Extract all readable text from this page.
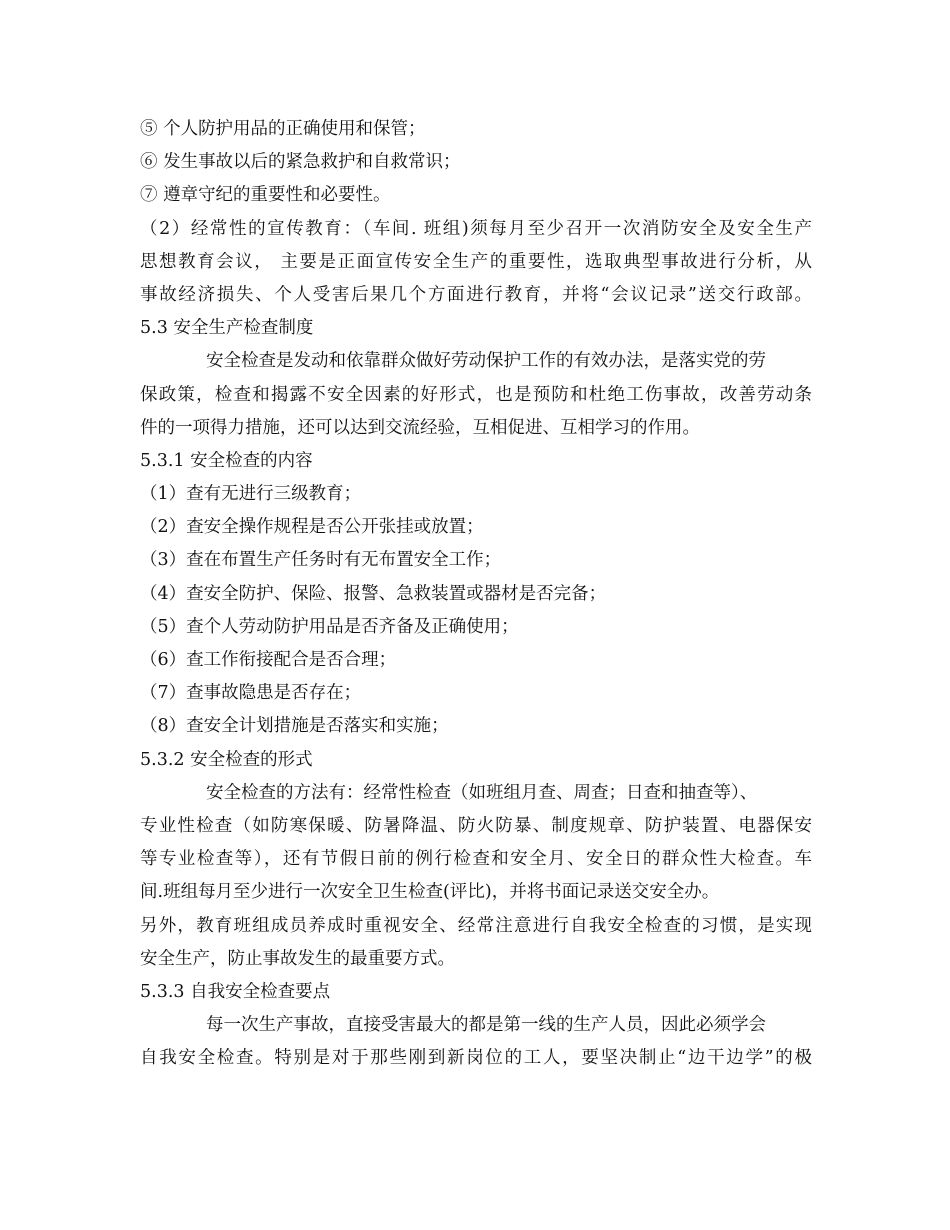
⑤ 个人防护用品的正确使用和保管；
⑥ 发生事故以后的紧急救护和自救常识；
⑦ 遵章守纪的重要性和必要性。
（2）经常性的宣传教育：（车间. 班组)须每月至少召开一次消防安全及安全生产
思想教育会议， 主要是正面宣传安全生产的重要性，选取典型事故进行分析，从
事故经济损失、个人受害后果几个方面进行教育，并将“会议记录”送交行政部。
5.3 安全生产检查制度
安全检查是发动和依靠群众做好劳动保护工作的有效办法，是落实党的劳
保政策，检查和揭露不安全因素的好形式，也是预防和杜绝工伤事故，改善劳动条
件的一项得力措施，还可以达到交流经验，互相促进、互相学习的作用。
5.3.1 安全检查的内容
（1）查有无进行三级教育；
（2）查安全操作规程是否公开张挂或放置；
（3）查在布置生产任务时有无布置安全工作；
（4）查安全防护、保险、报警、急救装置或器材是否完备；
（5）查个人劳动防护用品是否齐备及正确使用；
（6）查工作衔接配合是否合理；
（7）查事故隐患是否存在；
（8）查安全计划措施是否落实和实施；
5.3.2 安全检查的形式
安全检查的方法有：经常性检查（如班组月查、周查；日查和抽查等）、
专业性检查（如防寒保暖、防暑降温、防火防暴、制度规章、防护装置、电器保安
等专业检查等），还有节假日前的例行检查和安全月、安全日的群众性大检查。车
间.班组每月至少进行一次安全卫生检查(评比)，并将书面记录送交安全办。
另外，教育班组成员养成时重视安全、经常注意进行自我安全检查的习惯，是实现
安全生产，防止事故发生的最重要方式。
5.3.3 自我安全检查要点
每一次生产事故，直接受害最大的都是第一线的生产人员，因此必须学会
自我安全检查。特别是对于那些刚到新岗位的工人，要坚决制止“边干边学”的极
